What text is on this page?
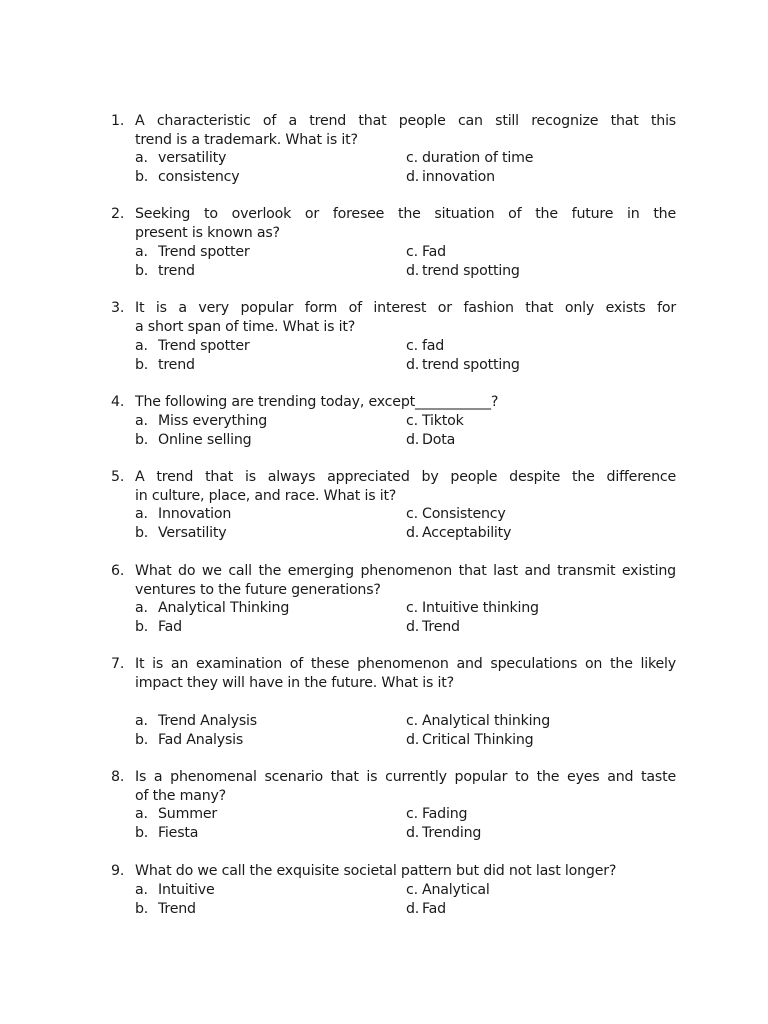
1. A characteristic of a trend that people can still recognize that this
trend is a trademark. What is it?
a. versatility
b. consistency
c. duration of time
d. innovation
2. Seeking to overlook or foresee the situation of the future in the
present is known as?
a. Trend spotter
b. trend
c. Fad
d. trend spotting
3. It is a very popular form of interest or fashion that only exists for
a short span of time. What is it?
a. Trend spotter
b. trend
c. fad
d. trend spotting
4. The following are trending today, except___________?
a. Miss everything
b. Online selling
c. Tiktok
d. Dota
5. A trend that is always appreciated by people despite the difference
in culture, place, and race. What is it?
a. Innovation
b. Versatility
c. Consistency
d. Acceptability
6. What do we call the emerging phenomenon that last and transmit existing
ventures to the future generations?
a. Analytical Thinking
b. Fad
c. Intuitive thinking
d. Trend
7. It is an examination of these phenomenon and speculations on the likely
impact they will have in the future. What is it?
a. Trend Analysis
b. Fad Analysis
c. Analytical thinking
d. Critical Thinking
8. Is a phenomenal scenario that is currently popular to the eyes and taste
of the many?
a. Summer
b. Fiesta
c. Fading
d. Trending
9. What do we call the exquisite societal pattern but did not last longer?
a. Intuitive
b. Trend
c. Analytical
d. Fad
